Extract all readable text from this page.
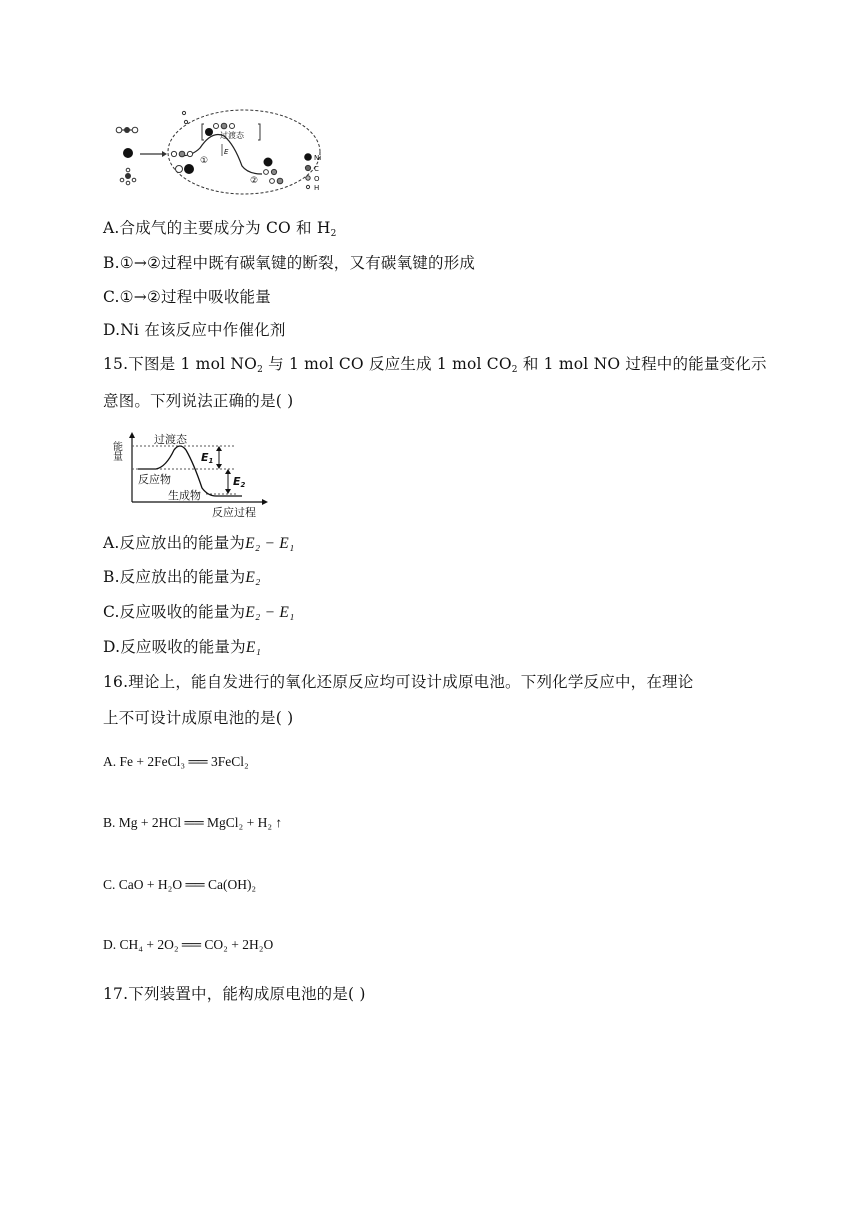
过渡态
E
①
②
Ni
C
O
H
A.合成气的主要成分为 CO 和 $H_2$
B.①→②过程中既有碳氧键的断裂，又有碳氧键的形成
C.①→②过程中吸收能量
D.Ni 在该反应中作催化剂
15.下图是 1 mol $NO_2$ 与 1 mol CO 反应生成 1 mol $CO_2$ 和 1 mol NO 过程中的能量变化示
意图。下列说法正确的是( )
能量
过渡态
反应物
生成物
E1
E2
反应过程
A.反应放出的能量为E₂ − E₁
B.反应放出的能量为E₂
C.反应吸收的能量为E₂ − E₁
D.反应吸收的能量为E₁
16.理论上，能自发进行的氧化还原反应均可设计成原电池。下列化学反应中，在理论
上不可设计成原电池的是( )
A. Fe + 2FeCl₃ ══ 3FeCl₂
B. Mg + 2HCl ══ MgCl₂ + H₂ ↑
C. CaO + H₂O ══ Ca(OH)₂
D. CH₄ + 2O₂ ══ CO₂ + 2H₂O
17.下列装置中，能构成原电池的是( )
